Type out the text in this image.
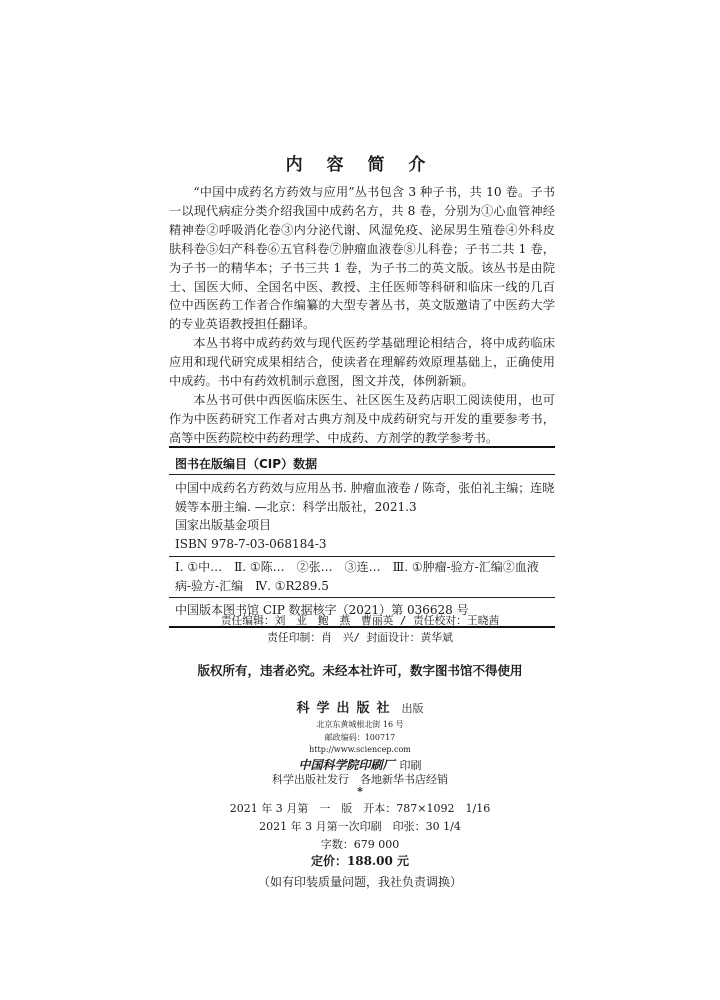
内 容 简 介

“中国中成药名方药效与应用”丛书包含 3 种子书，共 10 卷。子书一以现代病症分类介绍我国中成药名方，共 8 卷，分别为①心血管神经精神卷②呼吸消化卷③内分泌代谢、风湿免疫、泌尿男生殖卷④外科皮肤科卷⑤妇产科卷⑥五官科卷⑦肿瘤血液卷⑧儿科卷；子书二共 1 卷，为子书一的精华本；子书三共 1 卷，为子书二的英文版。该丛书是由院士、国医大师、全国名中医、教授、主任医师等科研和临床一线的几百位中西医药工作者合作编纂的大型专著丛书，英文版邀请了中医药大学的专业英语教授担任翻译。

本丛书将中成药药效与现代医药学基础理论相结合，将中成药临床应用和现代研究成果相结合，使读者在理解药效原理基础上，正确使用中成药。书中有药效机制示意图，图文并茂，体例新颖。

本丛书可供中西医临床医生、社区医生及药店职工阅读使用，也可作为中医药研究工作者对古典方剂及中成药研究与开发的重要参考书，高等中医药院校中药药理学、中成药、方剂学的教学参考书。

图书在版编目（CIP）数据
中国中成药名方药效与应用丛书. 肿瘤血液卷 / 陈奇，张伯礼主编；连晓
媛等本册主编. —北京：科学出版社，2021.3
国家出版基金项目
ISBN 978-7-03-068184-3
Ⅰ. ①中…　Ⅱ. ①陈…　②张…　③连…　Ⅲ. ①肿瘤-验方-汇编②血液
病-验方-汇编　Ⅳ. ①R289.5
中国版本图书馆 CIP 数据核字（2021）第 036628 号
责任编辑：刘　亚　鲍　燕　曹丽英 / 责任校对：王晓茜
责任印制：肖　兴/ 封面设计：黄华斌
版权所有，违者必究。未经本社许可，数字图书馆不得使用
科学出版社 出版
北京东黄城根北街 16 号
邮政编码：100717
http://www.sciencep.com
中国科学院印刷厂 印刷
科学出版社发行　各地新华书店经销
*
2021 年 3 月第　一　版　开本：787×1092　1/16
2021 年 3 月第一次印刷　印张：30 1/4
字数：679 000
定价：188.00 元
（如有印装质量问题，我社负责调换）
